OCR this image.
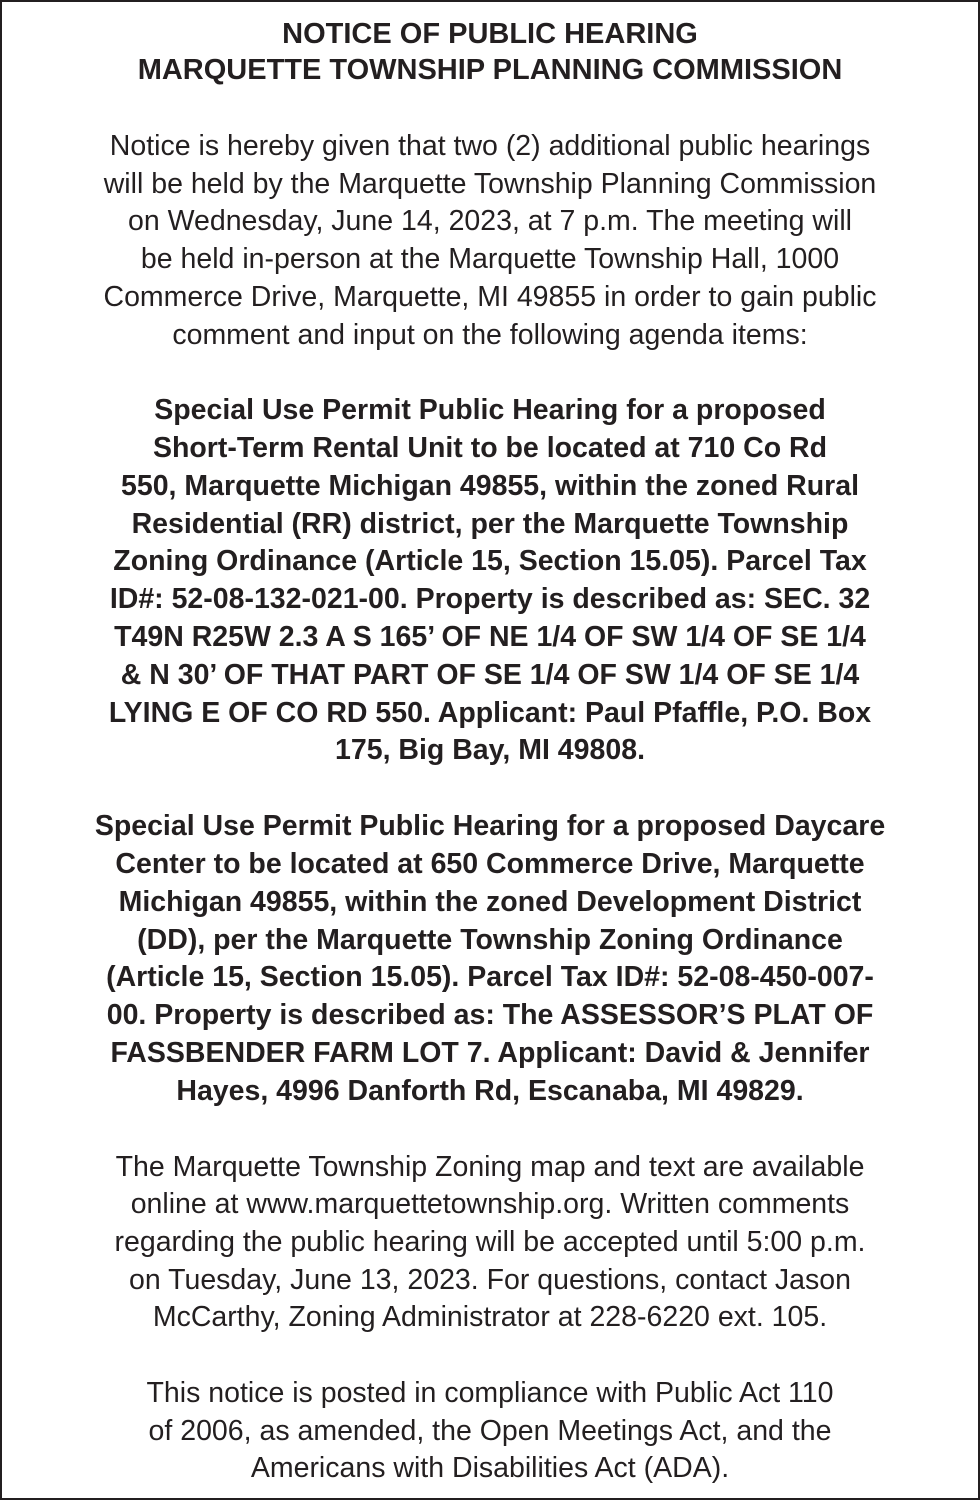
NOTICE OF PUBLIC HEARING
MARQUETTE TOWNSHIP PLANNING COMMISSION
Notice is hereby given that two (2) additional public hearings
will be held by the Marquette Township Planning Commission
on Wednesday, June 14, 2023, at 7 p.m. The meeting will
be held in-person at the Marquette Township Hall, 1000
Commerce Drive, Marquette, MI 49855 in order to gain public
comment and input on the following agenda items:
Special Use Permit Public Hearing for a proposed
Short-Term Rental Unit to be located at 710 Co Rd
550, Marquette Michigan 49855, within the zoned Rural
Residential (RR) district, per the Marquette Township
Zoning Ordinance (Article 15, Section 15.05). Parcel Tax
ID#: 52-08-132-021-00. Property is described as: SEC. 32
T49N R25W 2.3 A S 165’ OF NE 1/4 OF SW 1/4 OF SE 1/4
& N 30’ OF THAT PART OF SE 1/4 OF SW 1/4 OF SE 1/4
LYING E OF CO RD 550. Applicant: Paul Pfaffle, P.O. Box
175, Big Bay, MI 49808.
Special Use Permit Public Hearing for a proposed Daycare
Center to be located at 650 Commerce Drive, Marquette
Michigan 49855, within the zoned Development District
(DD), per the Marquette Township Zoning Ordinance
(Article 15, Section 15.05). Parcel Tax ID#: 52-08-450-007-
00. Property is described as: The ASSESSOR’S PLAT OF
FASSBENDER FARM LOT 7. Applicant: David & Jennifer
Hayes, 4996 Danforth Rd, Escanaba, MI 49829.
The Marquette Township Zoning map and text are available
online at www.marquettetownship.org. Written comments
regarding the public hearing will be accepted until 5:00 p.m.
on Tuesday, June 13, 2023. For questions, contact Jason
McCarthy, Zoning Administrator at 228-6220 ext. 105.
This notice is posted in compliance with Public Act 110
of 2006, as amended, the Open Meetings Act, and the
Americans with Disabilities Act (ADA).
